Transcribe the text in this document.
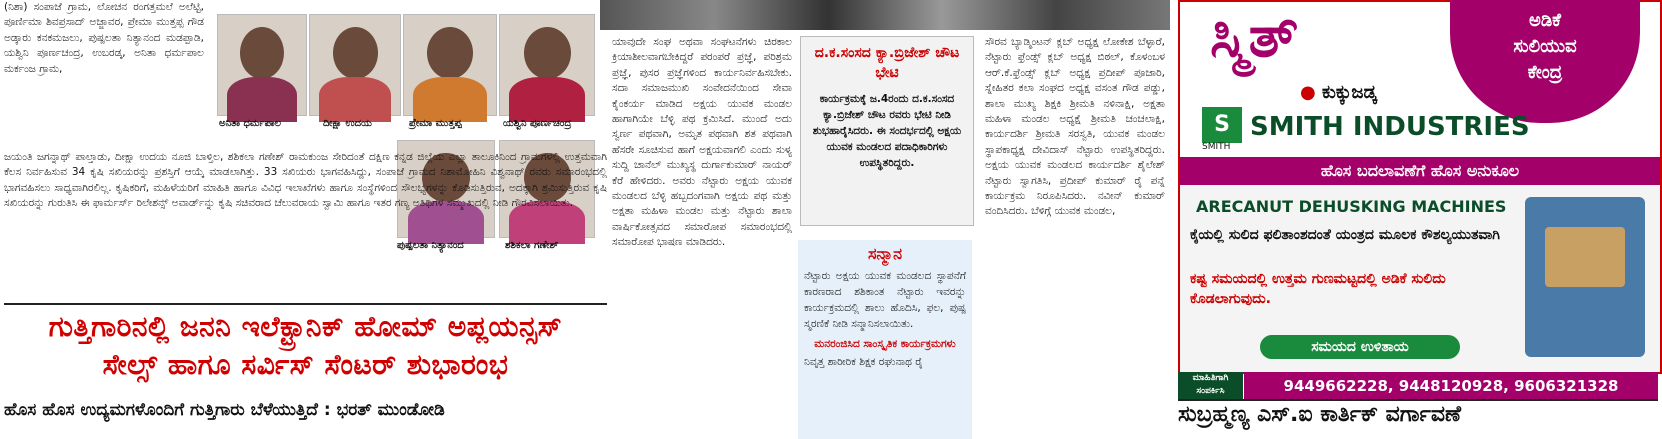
(ನಿಶಾ) ಸಂಪಾಜೆ ಗ್ರಾಮ, ಲೋಚನ ರಂಗತ್ತಮಲೆ ಅಲೆಟ್ಟಿ, ಪೂರ್ಣಿಮಾ ಶಿವಪ್ರಸಾದ್ ಅಜ್ಜಾವರ, ಪ್ರೇಮಾ ಮುತ್ತಪ್ಪ ಗೌಡ ಅಡ್ಕಾರು ಕನಕಮಜಲು, ಪುಷ್ಪಲತಾ ನಿತ್ಯಾನಂದ ಮಡಪ್ಪಾಡಿ, ಯಶ್ವಿನಿ ಪೂರ್ಣಚಂದ್ರ, ಉಬರಡ್ಕ, ಅನಿತಾ ಧರ್ಮಪಾಲ ಮರ್ಕಂಜ ಗ್ರಾಮ,

ಅನಿತಾ ಧರ್ಮಪಾಲ	ದೀಕ್ಷಾ ಉದಯ	ಪ್ರೇಮಾ ಮುತ್ತಪ್ಪ	ಯಶ್ವಿನಿ ಪೂರ್ಣಚಂದ್ರ
ಪುಷ್ಪಲತಾ ನಿತ್ಯಾನಂದ	ಶಶಿಕಲಾ ಗಣೇಶ್

ಜಯಂತಿ ಜಗನ್ನಾಥ್ ಪಾಲ್ತಾಡು, ದೀಕ್ಷಾ ಉದಯ ನೂಜಿ ಬಾಳ್ತಿಲ, ಶಶಿಕಲಾ ಗಣೇಶ್ ರಾಮಕುಂಜ ಸೇರಿದಂತೆ ದಕ್ಷಿಣ ಕನ್ನಡ ಜಿಲ್ಲೆಯ ಎಲ್ಲಾ ತಾಲೂಕಿನಿಂದ ಗ್ರಾಮಗಳಲ್ಲಿ ಉತ್ತಮವಾಗಿ ಕೆಲಸ ನಿರ್ವಹಿಸುವ 34 ಕೃಷಿ ಸಖಿಯರನ್ನು ಪ್ರಶಸ್ತಿಗೆ ಆಯ್ಕೆ ಮಾಡಲಾಗಿತ್ತು. 33 ಸಖಿಯರು ಭಾಗವಹಿಸಿದ್ದು, ಸಂಪಾಜೆ ಗ್ರಾಮದ ನಿಶಾಮೋಹಿನಿ ವಿಶ್ವನಾಥ್ ರವರು ಸಮಾರಂಭದಲ್ಲಿ ಭಾಗವಹಿಸಲು ಸಾಧ್ಯವಾಗಿರಲಿಲ್ಲ. ಕೃಷಿಕರಿಗೆ, ಮಹಿಳೆಯರಿಗೆ ಮಾಹಿತಿ ಹಾಗೂ ವಿವಿಧ ಇಲಾಖೆಗಳು ಹಾಗೂ ಸಂಸ್ಥೆಗಳಿಂದ ಸೌಲಭ್ಯಗಳನ್ನು ಕೊಡಿಸುತ್ತಿರುವ, ಅದಕ್ಕಾಗಿ ಶ್ರಮಿಸುತ್ತಿರುವ ಕೃಷಿ ಸಖಿಯರನ್ನು ಗುರುತಿಸಿ ಈ ಫಾರ್ಮರ್ಸ್ ರಿಲೇಶನ್ಸ್ ಅವಾರ್ಡ್‌ನ್ನು ಕೃಷಿ ಸಚಿವರಾದ ಚೆಲುವರಾಯ ಸ್ವಾಮಿ ಹಾಗೂ ಇತರ ಗಣ್ಯ ಅತಿಥಿಗಳ ಸಮ್ಮುಖದಲ್ಲಿ ನೀಡಿ ಗೌರವಿಸಲಾಯಿತು.

ಗುತ್ತಿಗಾರಿನಲ್ಲಿ ಜನನಿ ಇಲೆಕ್ಟ್ರಾನಿಕ್ ಹೋಮ್ ಅಪ್ಲಯನ್ಸಸ್
ಸೇಲ್ಸ್ ಹಾಗೂ ಸರ್ವಿಸ್ ಸೆಂಟರ್ ಶುಭಾರಂಭ
ಹೊಸ ಹೊಸ ಉದ್ಯಮಗಳೊಂದಿಗೆ ಗುತ್ತಿಗಾರು ಬೆಳೆಯುತ್ತಿದೆ : ಭರತ್ ಮುಂಡೋಡಿ

ಯಾವುದೇ ಸಂಘ ಅಥವಾ ಸಂಘಟನೆಗಳು ಚಿರಕಾಲ ಕ್ರಿಯಾಶೀಲವಾಗಬೇಕಿದ್ದರೆ ಪರಂಪರೆ ಪ್ರಜ್ಞೆ, ಪರಿಶ್ರಮ ಪ್ರಜ್ಞೆ, ಪುಸರ ಪ್ರಜ್ಞೆಗಳಿಂದ ಕಾರ್ಯನಿರ್ವಹಿಸಬೇಕು. ಸದಾ ಸಮಾಜಮುಖಿ ಸಂವೇದನೆಯಿಂದ ಸೇವಾ ಕೈಂಕರ್ಯ ಮಾಡಿದ ಅಕ್ಷಯ ಯುವಕ ಮಂಡಲ ಹಾಗಾಗಿಯೇ ಬೆಳ್ಳಿ ಪಥ ಕ್ರಮಿಸಿದೆ. ಮುಂದೆ ಅದು ಸ್ವರ್ಣ ಪಥವಾಗಿ, ಅಮೃತ ಪಥವಾಗಿ ಶತ ಪಥವಾಗಿ ಹೆಸರೇ ಸೂಚಿಸುವ ಹಾಗೆ ಅಕ್ಷಯವಾಗಲಿ ಎಂದು ಸುಳ್ಯ ಸುದ್ದಿ ಚಾನೆಲ್ ಮುಖ್ಯಸ್ಥ ದುರ್ಗಾಕುಮಾರ್ ನಾಯರ್ ಕೆರೆ ಹೇಳಿದರು. ಅವರು ನೆಟ್ಟಾರು ಅಕ್ಷಯ ಯುವಕ ಮಂಡಲದ ಬೆಳ್ಳಿ ಹಬ್ಬದಂಗವಾಗಿ ಅಕ್ಷಯ ಪಥ ಮತ್ತು ಅಕ್ಷತಾ ಮಹಿಳಾ ಮಂಡಲ ಮತ್ತು ನೆಟ್ಟಾರು ಶಾಲಾ ವಾರ್ಷಿಕೋತ್ಸವದ ಸಮಾರೋಪ ಸಮಾರಂಭದಲ್ಲಿ ಸಮಾರೋಪ ಭಾಷಣ ಮಾಡಿದರು.

ದ.ಕ.ಸಂಸದ ಕ್ಯಾ.ಬ್ರಿಜೇಶ್ ಚೌಟ ಭೇಟಿ

ಕಾರ್ಯಕ್ರಮಕ್ಕೆ ಜ.4ರಂದು ದ.ಕ.ಸಂಸದ ಕ್ಯಾ.ಬ್ರಿಜೇಶ್ ಚೌಟ ರವರು ಭೇಟಿ ನೀಡಿ ಶುಭಹಾರೈಸಿದರು. ಈ ಸಂದರ್ಭದಲ್ಲಿ ಅಕ್ಷಯ ಯುವಕ ಮಂಡಲದ ಪದಾಧಿಕಾರಿಗಳು ಉಪಸ್ಥಿತರಿದ್ದರು.

ಸನ್ಮಾನ

ನೆಟ್ಟಾರು ಅಕ್ಷಯ ಯುವಕ ಮಂಡಲದ ಸ್ಥಾಪನೆಗೆ ಕಾರಣರಾದ ಶಶಿಕಾಂತ ನೆಟ್ಟಾರು ಇವರನ್ನು ಕಾರ್ಯಕ್ರಮದಲ್ಲಿ ಶಾಲು ಹೊದಿಸಿ, ಫಲ, ಪುಷ್ಪ ಸ್ಮರಣಿಕೆ ನೀಡಿ ಸನ್ಮಾನಿಸಲಾಯಿತು.

ಮನರಂಜಿಸಿದ ಸಾಂಸ್ಕೃತಿಕ ಕಾರ್ಯಕ್ರಮಗಳು

ನಿವೃತ್ತ ಶಾರೀರಿಕ ಶಿಕ್ಷಕ ರಘುನಾಥ ರೈ

ಸೌರವ ಬ್ಯಾಡ್ಮಿಂಟನ್ ಕ್ಲಬ್ ಅಧ್ಯಕ್ಷ ಲೋಕೇಶ ಬೆಳ್ಳಾರೆ, ನೆಟ್ಟಾರು ಫ್ರೆಂಡ್ಸ್ ಕ್ಲಬ್ ಅಧ್ಯಕ್ಷ ಬಿಠಲ್, ಕೊಳಂಬಳ ಆರ್.ಕೆ.ಫ್ರೆಂಡ್ಸ್ ಕ್ಲಬ್ ಅಧ್ಯಕ್ಷ ಪ್ರದೀಪ್ ಪೂಜಾರಿ, ಸ್ನೇಹಿತರ ಕಲಾ ಸಂಘದ ಅಧ್ಯಕ್ಷ ವಸಂತ ಗೌಡ ಪಡ್ಡು, ಶಾಲಾ ಮುಖ್ಯ ಶಿಕ್ಷಕಿ ಶ್ರೀಮತಿ ನಳಿನಾಕ್ಷಿ, ಅಕ್ಷತಾ ಮಹಿಳಾ ಮಂಡಲ ಅಧ್ಯಕ್ಷೆ ಶ್ರೀಮತಿ ಚಂಚಲಾಕ್ಷಿ, ಕಾರ್ಯದರ್ಶಿ ಶ್ರೀಮತಿ ಸರಸ್ವತಿ, ಯುವಕ ಮಂಡಲ ಸ್ಥಾಪಕಾಧ್ಯಕ್ಷ ದೇವಿದಾಸ್ ನೆಟ್ಟಾರು ಉಪಸ್ಥಿತರಿದ್ದರು. ಅಕ್ಷಯ ಯುವಕ ಮಂಡಲದ ಕಾರ್ಯದರ್ಶಿ ಶೈಲೇಶ್ ನೆಟ್ಟಾರು ಸ್ವಾಗತಿಸಿ, ಪ್ರದೀಪ್ ಕುಮಾರ್ ರೈ ಪನ್ನೆ ಕಾರ್ಯಕ್ರಮ ನಿರೂಪಿಸಿದರು. ನವೀನ್ ಕುಮಾರ್ ವಂದಿಸಿದರು. ಬೆಳಿಗ್ಗೆ ಯುವಕ ಮಂಡಲ,

ಸ್ಮಿತ್
● ಕುಕ್ಕುಜಡ್ಕ
ಅಡಿಕೆ
ಸುಲಿಯುವ
ಕೇಂದ್ರ
S
SMITH
SMITH INDUSTRIES
ಹೊಸ ಬದಲಾವಣೆಗೆ ಹೊಸ ಅನುಕೂಲ
ARECANUT DEHUSKING MACHINES
ಕೈಯಲ್ಲಿ ಸುಲಿದ ಫಲಿತಾಂಶದಂತೆ ಯಂತ್ರದ ಮೂಲಕ ಕೌಶಲ್ಯಯುತವಾಗಿ
ಕಷ್ಟ ಸಮಯದಲ್ಲಿ ಉತ್ತಮ ಗುಣಮಟ್ಟದಲ್ಲಿ ಅಡಿಕೆ ಸುಲಿದು ಕೊಡಲಾಗುವುದು.
ಸಮಯದ ಉಳಿತಾಯ
ಮಾಹಿತಿಗಾಗಿ ಸಂಪರ್ಕಿಸಿ	9449662228, 9448120928, 9606321328
ಸುಬ್ರಹ್ಮಣ್ಯ ಎಸ್.ಐ ಕಾರ್ತಿಕ್ ವರ್ಗಾವಣೆ
